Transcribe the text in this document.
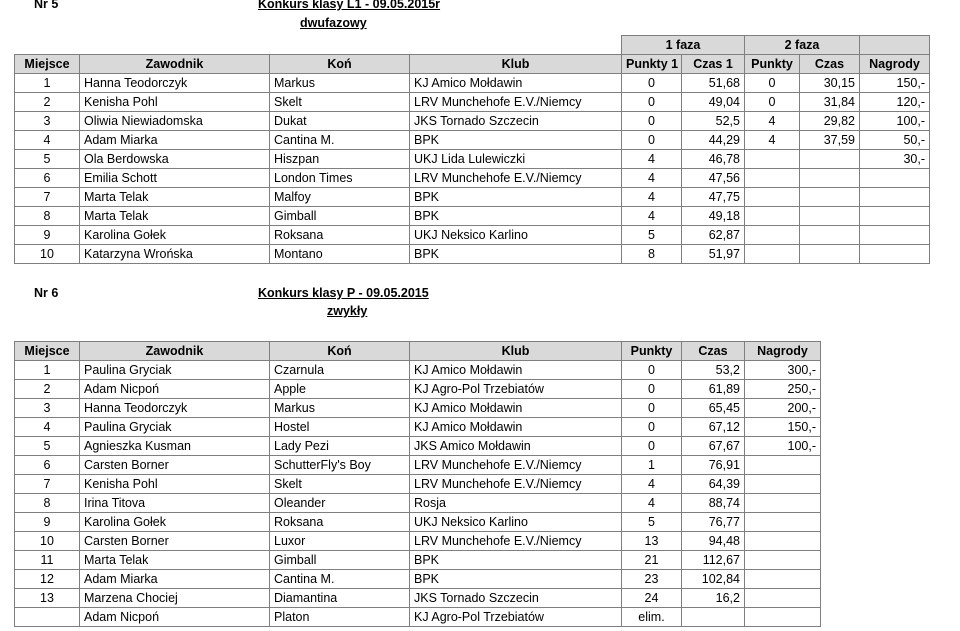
Nr 5	Konkurs klasy L1 - 09.05.2015r
dwufazowy
				1 faza		2 faza		
Miejsce	Zawodnik	Koń	Klub	Punkty 1	Czas 1	Punkty	Czas	Nagrody
1	Hanna Teodorczyk	Markus	KJ Amico Mołdawin	0	51,68	0	30,15	150,-
2	Kenisha Pohl	Skelt	LRV Munchehofe E.V./Niemcy	0	49,04	0	31,84	120,-
3	Oliwia Niewiadomska	Dukat	JKS Tornado Szczecin	0	52,5	4	29,82	100,-
4	Adam Miarka	Cantina M.	BPK	0	44,29	4	37,59	50,-
5	Ola Berdowska	Hiszpan	UKJ Lida Lulewiczki	4	46,78			30,-
6	Emilia Schott	London Times	LRV Munchehofe E.V./Niemcy	4	47,56			
7	Marta Telak	Malfoy	BPK	4	47,75			
8	Marta Telak	Gimball	BPK	4	49,18			
9	Karolina Gołek	Roksana	UKJ Neksico Karlino	5	62,87			
10	Katarzyna Wrońska	Montano	BPK	8	51,97			
Nr 6	Konkurs klasy P - 09.05.2015
zwykły
Miejsce	Zawodnik	Koń	Klub	Punkty	Czas	Nagrody
1	Paulina Gryciak	Czarnula	KJ Amico Mołdawin	0	53,2	300,-
2	Adam Nicpoń	Apple	KJ Agro-Pol Trzebiatów	0	61,89	250,-
3	Hanna Teodorczyk	Markus	KJ Amico Mołdawin	0	65,45	200,-
4	Paulina Gryciak	Hostel	KJ Amico Mołdawin	0	67,12	150,-
5	Agnieszka Kusman	Lady Pezi	JKS Amico Mołdawin	0	67,67	100,-
6	Carsten Borner	SchutterFly's Boy	LRV Munchehofe E.V./Niemcy	1	76,91	
7	Kenisha Pohl	Skelt	LRV Munchehofe E.V./Niemcy	4	64,39	
8	Irina Titova	Oleander	Rosja	4	88,74	
9	Karolina Gołek	Roksana	UKJ Neksico Karlino	5	76,77	
10	Carsten Borner	Luxor	LRV Munchehofe E.V./Niemcy	13	94,48	
11	Marta Telak	Gimball	BPK	21	112,67	
12	Adam Miarka	Cantina M.	BPK	23	102,84	
13	Marzena Chociej	Diamantina	JKS Tornado Szczecin	24	16,2	
	Adam Nicpoń	Platon	KJ Agro-Pol Trzebiatów	elim.		
